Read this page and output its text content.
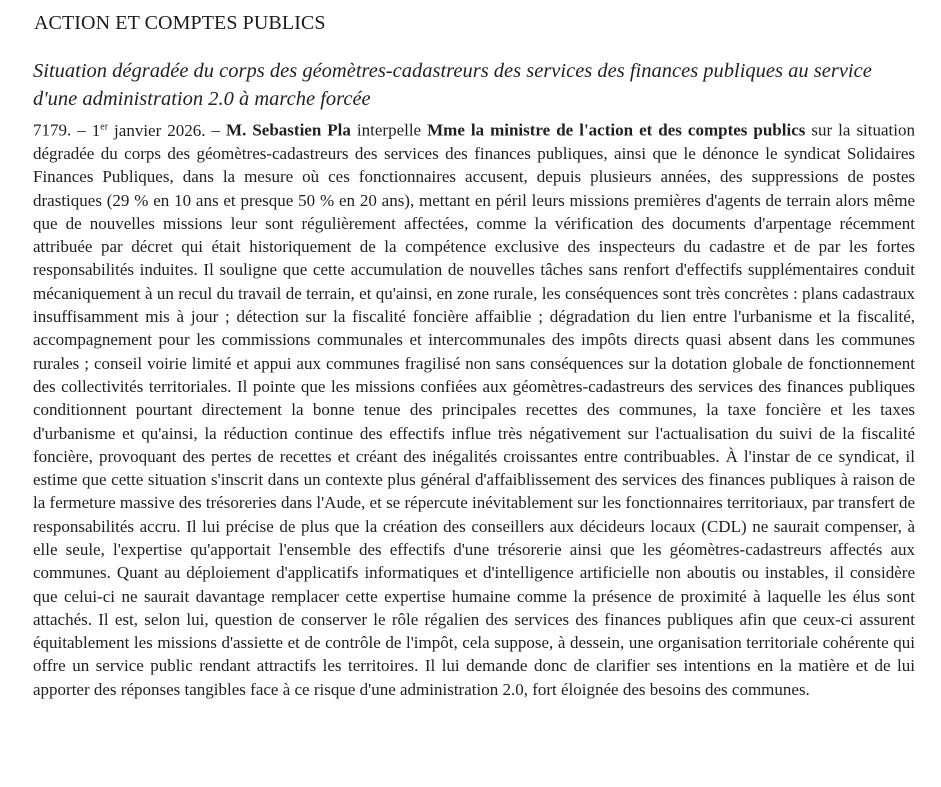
ACTION ET COMPTES PUBLICS
Situation dégradée du corps des géomètres-cadastreurs des services des finances publiques au service d'une administration 2.0 à marche forcée

7179. – 1er janvier 2026. – M. Sebastien Pla interpelle Mme la ministre de l'action et des comptes publics sur la situation dégradée du corps des géomètres-cadastreurs des services des finances publiques, ainsi que le dénonce le syndicat Solidaires Finances Publiques, dans la mesure où ces fonctionnaires accusent, depuis plusieurs années, des suppressions de postes drastiques (29 % en 10 ans et presque 50 % en 20 ans), mettant en péril leurs missions premières d'agents de terrain alors même que de nouvelles missions leur sont régulièrement affectées, comme la vérification des documents d'arpentage récemment attribuée par décret qui était historiquement de la compétence exclusive des inspecteurs du cadastre et de par les fortes responsabilités induites. Il souligne que cette accumulation de nouvelles tâches sans renfort d'effectifs supplémentaires conduit mécaniquement à un recul du travail de terrain, et qu'ainsi, en zone rurale, les conséquences sont très concrètes : plans cadastraux insuffisamment mis à jour ; détection sur la fiscalité foncière affaiblie ; dégradation du lien entre l'urbanisme et la fiscalité, accompagnement pour les commissions communales et intercommunales des impôts directs quasi absent dans les communes rurales ; conseil voirie limité et appui aux communes fragilisé non sans conséquences sur la dotation globale de fonctionnement des collectivités territoriales. Il pointe que les missions confiées aux géomètres-cadastreurs des services des finances publiques conditionnent pourtant directement la bonne tenue des principales recettes des communes, la taxe foncière et les taxes d'urbanisme et qu'ainsi, la réduction continue des effectifs influe très négativement sur l'actualisation du suivi de la fiscalité foncière, provoquant des pertes de recettes et créant des inégalités croissantes entre contribuables. À l'instar de ce syndicat, il estime que cette situation s'inscrit dans un contexte plus général d'affaiblissement des services des finances publiques à raison de la fermeture massive des trésoreries dans l'Aude, et se répercute inévitablement sur les fonctionnaires territoriaux, par transfert de responsabilités accru. Il lui précise de plus que la création des conseillers aux décideurs locaux (CDL) ne saurait compenser, à elle seule, l'expertise qu'apportait l'ensemble des effectifs d'une trésorerie ainsi que les géomètres-cadastreurs affectés aux communes. Quant au déploiement d'applicatifs informatiques et d'intelligence artificielle non aboutis ou instables, il considère que celui-ci ne saurait davantage remplacer cette expertise humaine comme la présence de proximité à laquelle les élus sont attachés. Il est, selon lui, question de conserver le rôle régalien des services des finances publiques afin que ceux-ci assurent équitablement les missions d'assiette et de contrôle de l'impôt, cela suppose, à dessein, une organisation territoriale cohérente qui offre un service public rendant attractifs les territoires. Il lui demande donc de clarifier ses intentions en la matière et de lui apporter des réponses tangibles face à ce risque d'une administration 2.0, fort éloignée des besoins des communes.
